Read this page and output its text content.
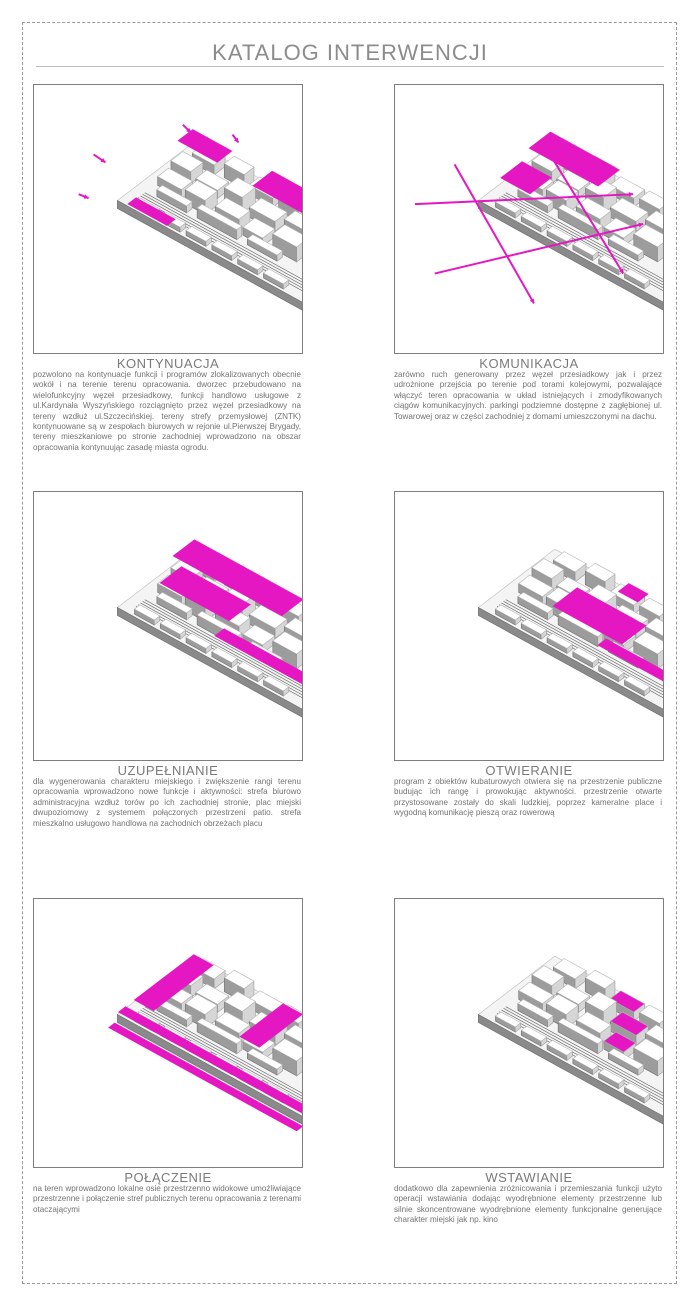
KATALOG INTERWENCJI
KONTYNUACJA

pozwolono na kontynuacje funkcji i programów zlokalizowanych obecnie wokół i na terenie terenu opracowania. dworzec przebudowano na wielofunkcyjny węzeł przesiadkowy, funkcji handlowo usługowe z ul.Kardynała Wyszyńskiego rozciągnięto przez węzeł przesiadkowy na tereny wzdłuż ul.Szczecińskiej. tereny strefy przemysłowej (ZNTK) kontynuowane są w zespołach biurowych w rejonie ul.Pierwszej Brygady, tereny mieszkaniowe po stronie zachodniej wprowadzono na obszar opracowania kontynuując zasadę miasta ogrodu.

P
P
KOMUNIKACJA

zarówno ruch generowany przez węzeł przesiadkowy jak i przez udrożnione przejścia po terenie pod torami kolejowymi, pozwalające włączyć teren opracowania w układ istniejących i zmodyfikowanych ciągów komunikacyjnych. parkingi podziemne dostępne z zagłębionej ul. Towarowej oraz w części zachodniej z domami umieszczonymi na dachu.

UZUPEŁNIANIE

dla wygenerowania charakteru miejskiego i zwiększenie rangi terenu opracowania wprowadzono nowe funkcje i aktywności: strefa biurowo administracyjna wzdłuż torów po ich zachodniej stronie, plac miejski dwupoziomowy z systemem połączonych przestrzeni patio. strefa mieszkalno usługowo handlowa na zachodnich obrzeżach placu

OTWIERANIE

program z obiektów kubaturowych otwiera się na przestrzenie publiczne budując ich rangę i prowokując aktywności. przestrzenie otwarte przystosowane zostały do skali ludzkiej, poprzez kameralne place i wygodną komunikację pieszą oraz rowerową

POŁĄCZENIE

na teren wprowadzono lokalne osie przestrzenno widokowe umożliwiające przestrzenne i połączenie stref publicznych terenu opracowania z terenami otaczającymi

WSTAWIANIE

dodatkowo dla zapewnienia zróżnicowania i przemieszania funkcji użyto operacji wstawiania dodając wyodrębnione elementy przestrzenne lub silnie skoncentrowane wyodrębnione elementy funkcjonalne generujące charakter miejski jak np. kino
